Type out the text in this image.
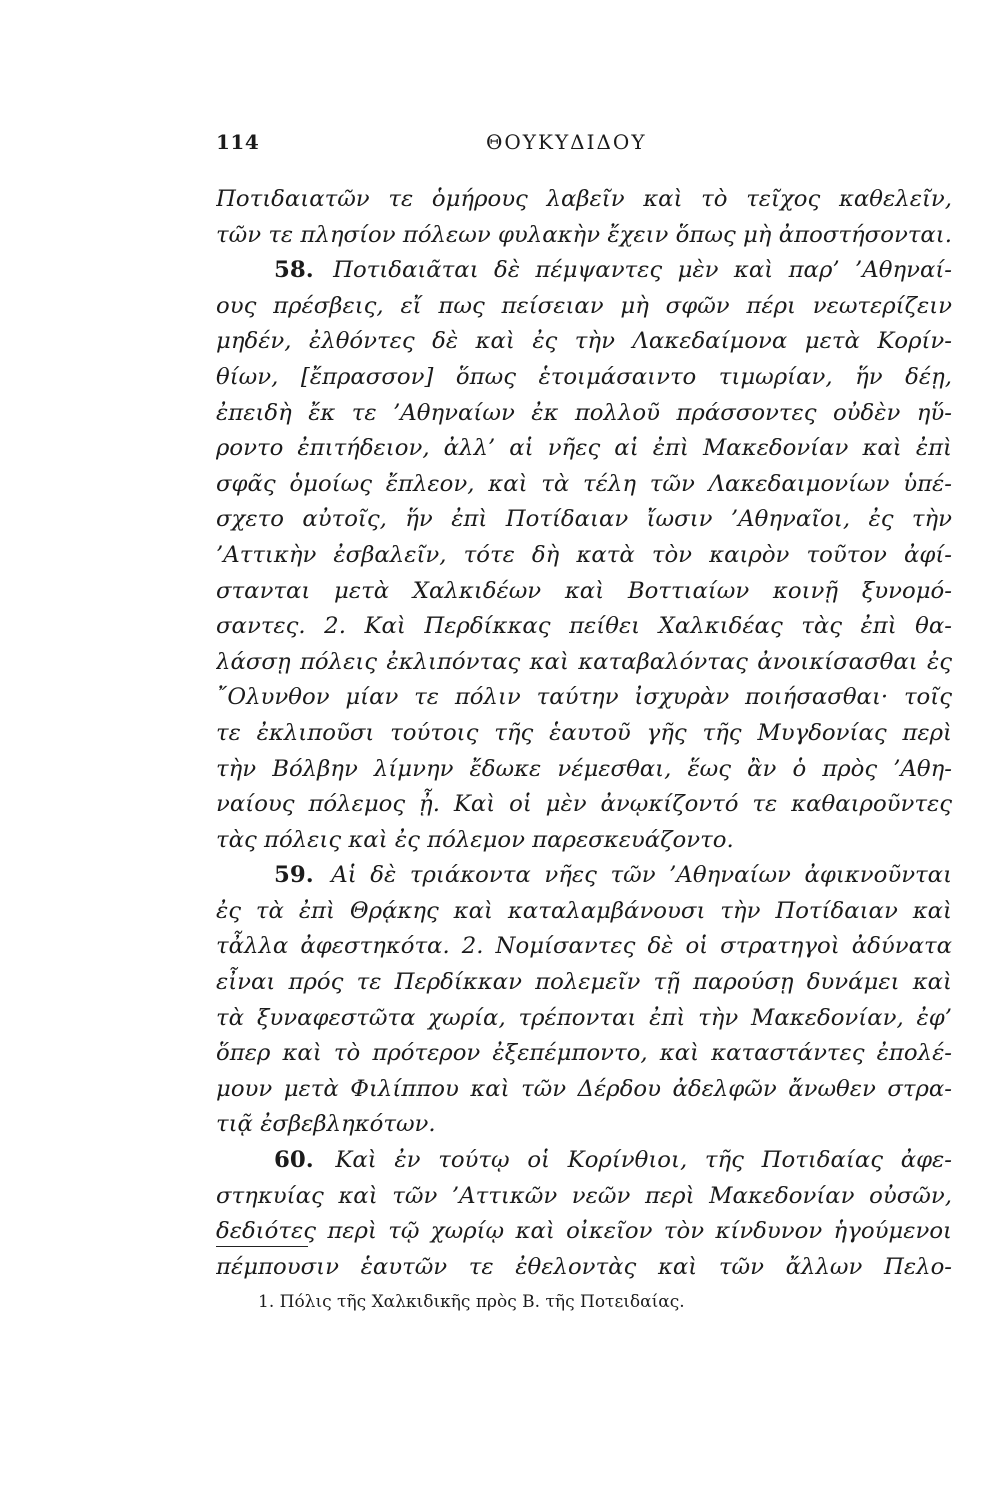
114	ΘΟΥΚΥΔΙΔΟΥ
Ποτιδαιατῶν τε ὁμήρους λαβεῖν καὶ τὸ τεῖχος καθελεῖν,
τῶν τε πλησίον πόλεων φυλακὴν ἔχειν ὅπως μὴ ἀποστήσονται.
58. Ποτιδαιᾶται δὲ πέμψαντες μὲν καὶ παρ’ ’Αθηναί-
ους πρέσβεις, εἴ πως πείσειαν μὴ σφῶν πέρι νεωτερίζειν
μηδέν, ἐλθόντες δὲ καὶ ἐς τὴν Λακεδαίμονα μετὰ Κορίν-
θίων, [ἔπρασσον] ὅπως ἑτοιμάσαιντο τιμωρίαν, ἥν δέῃ,
ἐπειδὴ ἔκ τε ’Αθηναίων ἐκ πολλοῦ πράσσοντες οὐδὲν ηὕ-
ροντο ἐπιτήδειον, ἀλλ’ αἱ νῆες αἱ ἐπὶ Μακεδονίαν καὶ ἐπὶ
σφᾶς ὁμοίως ἔπλεον, καὶ τὰ τέλη τῶν Λακεδαιμονίων ὑπέ-
σχετο αὐτοῖς, ἥν ἐπὶ Ποτίδαιαν ἴωσιν ’Αθηναῖοι, ἐς τὴν
’Αττικὴν ἐσβαλεῖν, τότε δὴ κατὰ τὸν καιρὸν τοῦτον ἀφί-
στανται μετὰ Χαλκιδέων καὶ Βοττιαίων κοινῇ ξυνομό-
σαντες. 2. Καὶ Περδίκκας πείθει Χαλκιδέας τὰς ἐπὶ θα-
λάσσῃ πόλεις ἐκλιπόντας καὶ καταβαλόντας ἀνοικίσασθαι ἐς
῎Ολυνθον μίαν τε πόλιν ταύτην ἰσχυρὰν ποιήσασθαι· τοῖς
τε ἐκλιποῦσι τούτοις τῆς ἑαυτοῦ γῆς τῆς Μυγδονίας περὶ
τὴν Βόλβην λίμνην ἔδωκε νέμεσθαι, ἕως ἂν ὁ πρὸς ’Αθη-
ναίους πόλεμος ᾖ. Καὶ οἱ μὲν ἀνῳκίζοντό τε καθαιροῦντες
τὰς πόλεις καὶ ἐς πόλεμον παρεσκευάζοντο.
59. Αἱ δὲ τριάκοντα νῆες τῶν ’Αθηναίων ἀφικνοῦνται
ἐς τὰ ἐπὶ Θρᾴκης καὶ καταλαμβάνουσι τὴν Ποτίδαιαν καὶ
τἆλλα ἀφεστηκότα. 2. Νομίσαντες δὲ οἱ στρατηγοὶ ἀδύνατα
εἶναι πρός τε Περδίκκαν πολεμεῖν τῇ παρούσῃ δυνάμει καὶ
τὰ ξυναφεστῶτα χωρία, τρέπονται ἐπὶ τὴν Μακεδονίαν, ἐφ’
ὅπερ καὶ τὸ πρότερον ἐξεπέμποντο, καὶ καταστάντες ἐπολέ-
μουν μετὰ Φιλίππου καὶ τῶν Δέρδου ἀδελφῶν ἄνωθεν στρα-
τιᾷ ἐσβεβληκότων.
60. Καὶ ἐν τούτῳ οἱ Κορίνθιοι, τῆς Ποτιδαίας ἀφε-
στηκυίας καὶ τῶν ’Αττικῶν νεῶν περὶ Μακεδονίαν οὐσῶν,
δεδιότες περὶ τῷ χωρίῳ καὶ οἰκεῖον τὸν κίνδυνον ἡγούμενοι
πέμπουσιν ἑαυτῶν τε ἐθελοντὰς καὶ τῶν ἄλλων Πελο-
1. Πόλις τῆς Χαλκιδικῆς πρὸς Β. τῆς Ποτειδαίας.
